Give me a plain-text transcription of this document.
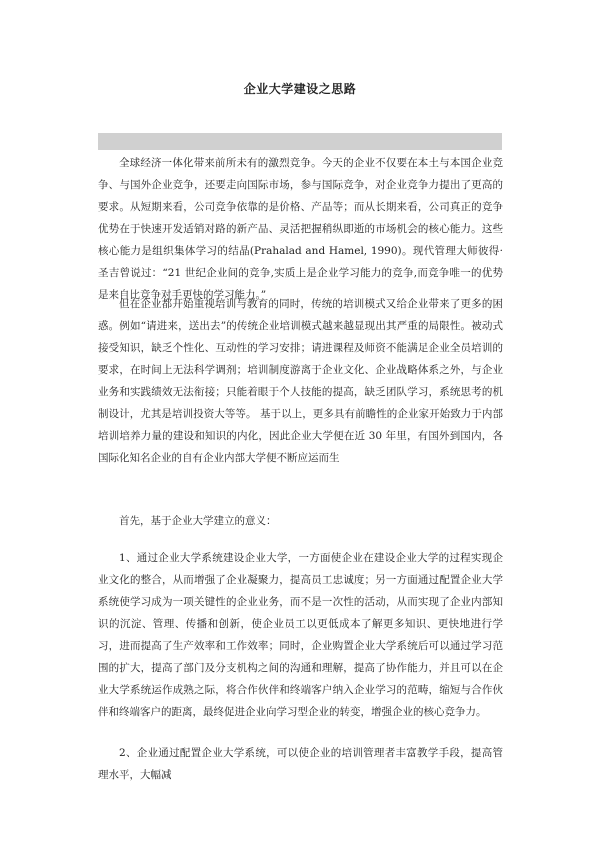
企业大学建设之思路

全球经济一体化带来前所未有的激烈竞争。今天的企业不仅要在本土与本国企业竞争、与国外企业竞争，还要走向国际市场，参与国际竞争，对企业竞争力提出了更高的要求。从短期来看，公司竞争依靠的是价格、产品等；而从长期来看，公司真正的竞争优势在于快速开发适销对路的新产品、灵活把握稍纵即逝的市场机会的核心能力。这些核心能力是组织集体学习的结晶(Prahalad and Hamel, 1990)。现代管理大师彼得·圣吉曾说过：“21 世纪企业间的竞争,实质上是企业学习能力的竞争,而竞争唯一的优势是来自比竞争对手更快的学习能力。”

但在企业都开始重视培训与教育的同时，传统的培训模式又给企业带来了更多的困惑。例如“请进来，送出去”的传统企业培训模式越来越显现出其严重的局限性。被动式接受知识，缺乏个性化、互动性的学习安排；请进课程及师资不能满足企业全员培训的要求，在时间上无法科学调剂；培训制度游离于企业文化、企业战略体系之外，与企业业务和实践绩效无法衔接；只能着眼于个人技能的提高，缺乏团队学习，系统思考的机制设计，尤其是培训投资大等等。 基于以上，更多具有前瞻性的企业家开始致力于内部培训培养力量的建设和知识的内化，因此企业大学便在近 30 年里，有国外到国内，各国际化知名企业的自有企业内部大学便不断应运而生

首先，基于企业大学建立的意义：

1、通过企业大学系统建设企业大学，一方面使企业在建设企业大学的过程实现企业文化的整合，从而增强了企业凝聚力，提高员工忠诚度；另一方面通过配置企业大学系统使学习成为一项关键性的企业业务，而不是一次性的活动，从而实现了企业内部知识的沉淀、管理、传播和创新，使企业员工以更低成本了解更多知识、更快地进行学习，进而提高了生产效率和工作效率；同时，企业购置企业大学系统后可以通过学习范围的扩大，提高了部门及分支机构之间的沟通和理解，提高了协作能力，并且可以在企业大学系统运作成熟之际，将合作伙伴和终端客户纳入企业学习的范畴，缩短与合作伙伴和终端客户的距离，最终促进企业向学习型企业的转变，增强企业的核心竞争力。

2、企业通过配置企业大学系统，可以使企业的培训管理者丰富教学手段，提高管理水平，大幅减
